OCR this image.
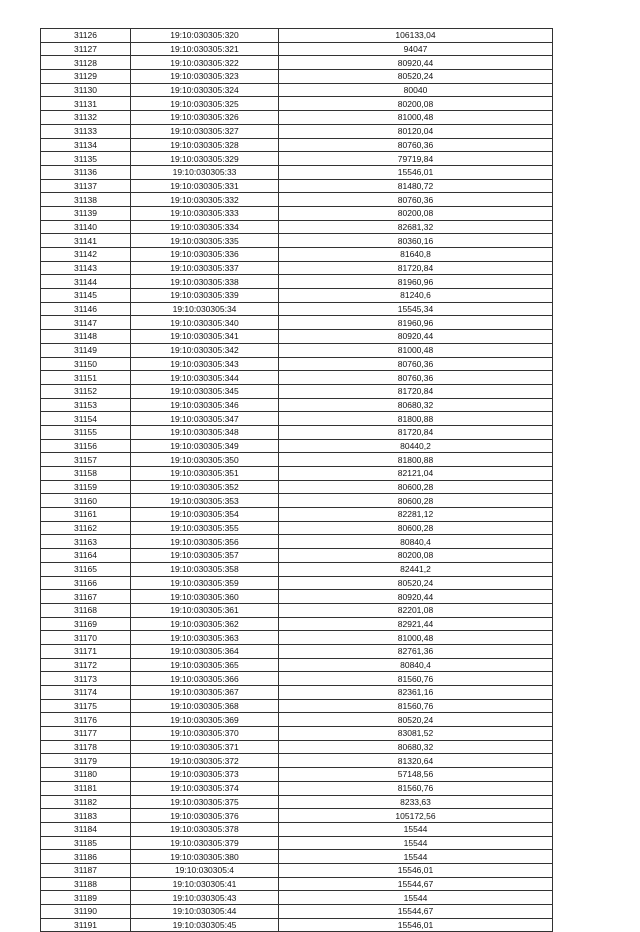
31126	19:10:030305:320	106133,04
31127	19:10:030305:321	94047
31128	19:10:030305:322	80920,44
31129	19:10:030305:323	80520,24
31130	19:10:030305:324	80040
31131	19:10:030305:325	80200,08
31132	19:10:030305:326	81000,48
31133	19:10:030305:327	80120,04
31134	19:10:030305:328	80760,36
31135	19:10:030305:329	79719,84
31136	19:10:030305:33	15546,01
31137	19:10:030305:331	81480,72
31138	19:10:030305:332	80760,36
31139	19:10:030305:333	80200,08
31140	19:10:030305:334	82681,32
31141	19:10:030305:335	80360,16
31142	19:10:030305:336	81640,8
31143	19:10:030305:337	81720,84
31144	19:10:030305:338	81960,96
31145	19:10:030305:339	81240,6
31146	19:10:030305:34	15545,34
31147	19:10:030305:340	81960,96
31148	19:10:030305:341	80920,44
31149	19:10:030305:342	81000,48
31150	19:10:030305:343	80760,36
31151	19:10:030305:344	80760,36
31152	19:10:030305:345	81720,84
31153	19:10:030305:346	80680,32
31154	19:10:030305:347	81800,88
31155	19:10:030305:348	81720,84
31156	19:10:030305:349	80440,2
31157	19:10:030305:350	81800,88
31158	19:10:030305:351	82121,04
31159	19:10:030305:352	80600,28
31160	19:10:030305:353	80600,28
31161	19:10:030305:354	82281,12
31162	19:10:030305:355	80600,28
31163	19:10:030305:356	80840,4
31164	19:10:030305:357	80200,08
31165	19:10:030305:358	82441,2
31166	19:10:030305:359	80520,24
31167	19:10:030305:360	80920,44
31168	19:10:030305:361	82201,08
31169	19:10:030305:362	82921,44
31170	19:10:030305:363	81000,48
31171	19:10:030305:364	82761,36
31172	19:10:030305:365	80840,4
31173	19:10:030305:366	81560,76
31174	19:10:030305:367	82361,16
31175	19:10:030305:368	81560,76
31176	19:10:030305:369	80520,24
31177	19:10:030305:370	83081,52
31178	19:10:030305:371	80680,32
31179	19:10:030305:372	81320,64
31180	19:10:030305:373	57148,56
31181	19:10:030305:374	81560,76
31182	19:10:030305:375	8233,63
31183	19:10:030305:376	105172,56
31184	19:10:030305:378	15544
31185	19:10:030305:379	15544
31186	19:10:030305:380	15544
31187	19:10:030305:4	15546,01
31188	19:10:030305:41	15544,67
31189	19:10:030305:43	15544
31190	19:10:030305:44	15544,67
31191	19:10:030305:45	15546,01
